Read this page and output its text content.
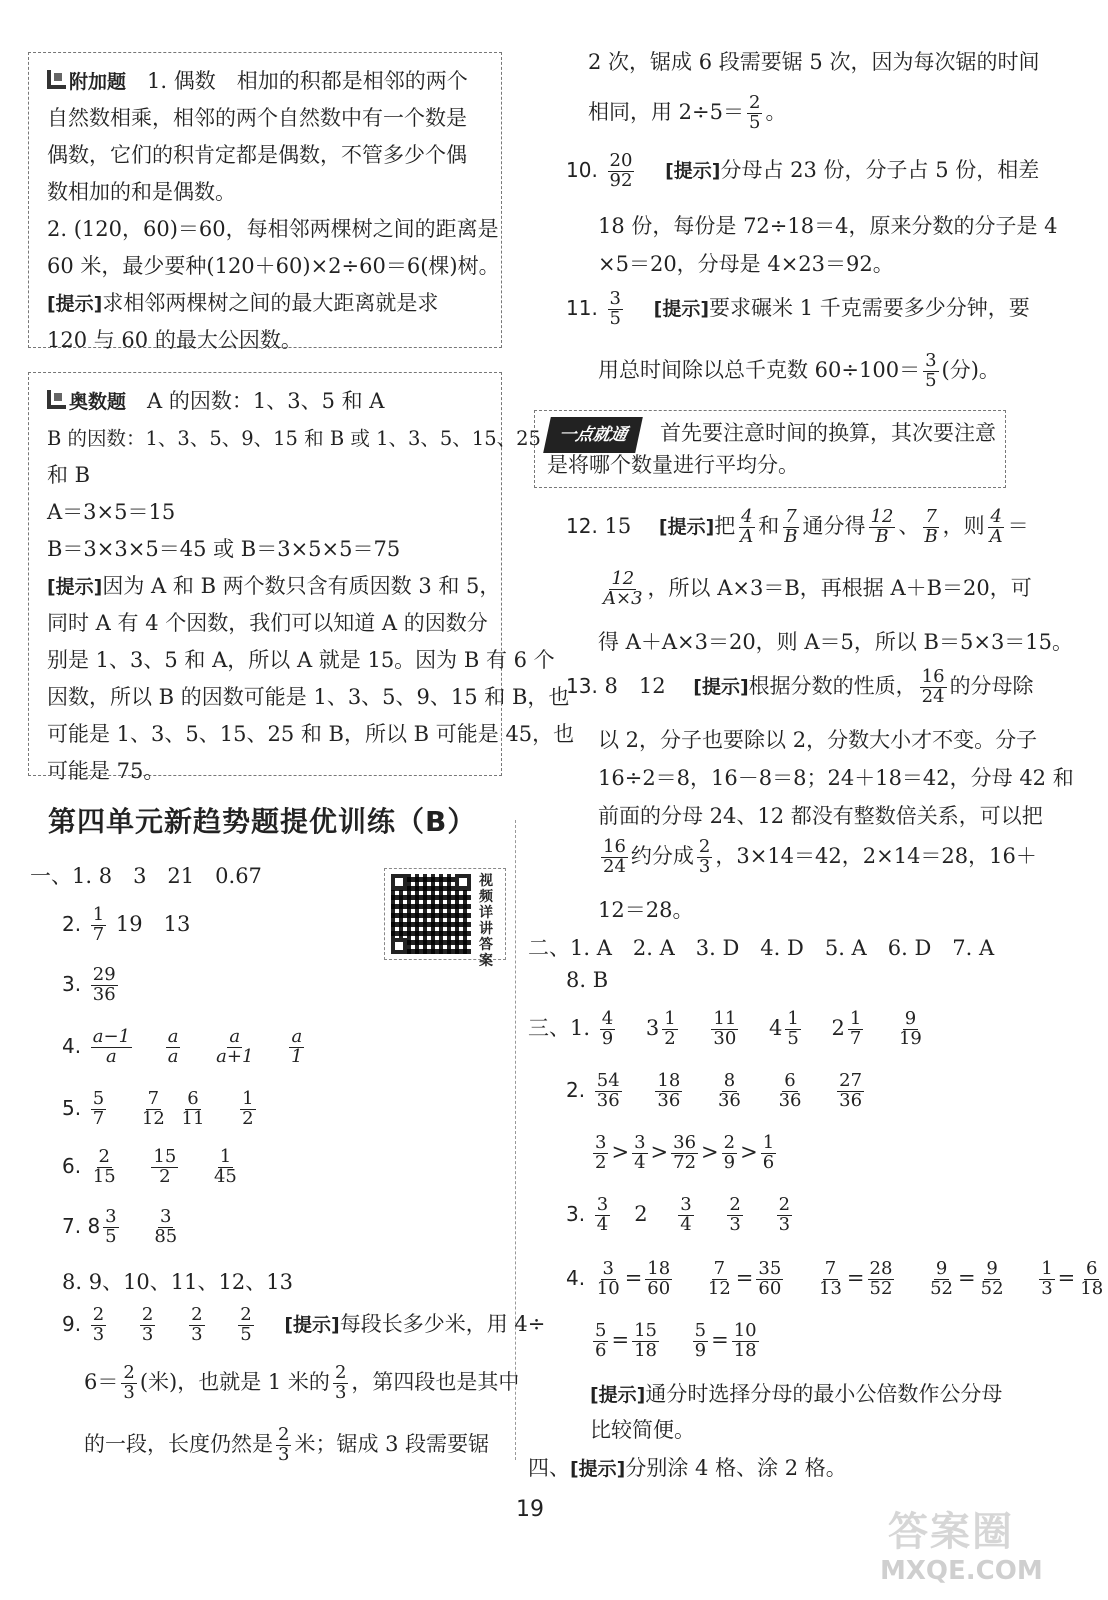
附加题　 1. 偶数　相加的积都是相邻的两个
自然数相乘，相邻的两个自然数中有一个数是
偶数，它们的积肯定都是偶数，不管多少个偶
数相加的和是偶数。
2. (120，60)＝60，每相邻两棵树之间的距离是
60 米，最少要种(120＋60)×2÷60＝6(棵)树。
[提示]求相邻两棵树之间的最大距离就是求
120 与 60 的最大公因数。
奥数题　 A 的因数：1、3、5 和 A
B 的因数：1、3、5、9、15 和 B 或 1、3、5、15、25
和 B
A＝3×5＝15
B＝3×3×5＝45 或 B＝3×5×5＝75
[提示]因为 A 和 B 两个数只含有质因数 3 和 5，
同时 A 有 4 个因数，我们可以知道 A 的因数分
别是 1、3、5 和 A，所以 A 就是 15。因为 B 有 6 个
因数，所以 B 的因数可能是 1、3、5、9、15 和 B，也
可能是 1、3、5、15、25 和 B，所以 B 可能是 45，也
可能是 75。
第四单元新趋势题提优训练（B）
视频详讲答案
一、1. 8　3　21　0.67
2. $\frac{1}{7} 19$　13
3. $\frac{29}{36}$
4. $\frac{a-1}{a}$
　 $\frac{a}{a}$
　 $\frac{a}{a+1}$
　 $\frac{a}{1}$
5. $\frac{5}{7}$
　 $\frac{7}{12}$
$\frac{6}{11}$
　 $\frac{1}{2}$
6. $\frac{2}{15}$
　 $\frac{15}{2}$
　 $\frac{1}{45}$
7. $8 \frac{3}{5}$
　 $\frac{3}{85}$
8. 9、10、11、12、13
9. $\frac{2}{3}$
　 $\frac{2}{3}$
　 $\frac{2}{3}$
　 $\frac{2}{5}$
　 [提示]每段长多少米，用 4÷
$6= \frac{2}{3}$ (米)，也就是 1 米的 $\frac{2}{3}$ ，第四段也是其中
的一段，长度仍然是 $\frac{2}{3}$ 米；锯成 3 段需要锯
2 次，锯成 6 段需要锯 5 次，因为每次锯的时间
相同，用 $2\div 5= \frac{2}{5}$ 。
10. $\frac{20}{92}$
　 [提示]分母占 23 份，分子占 5 份，相差
18 份，每份是 72÷18＝4，原来分数的分子是 4
×5＝20，分母是 4×23＝92。
11. $\frac{3}{5}$
　 [提示]要求碾米 1 千克需要多少分钟，要
用总时间除以总千克数 $60\div 100= \frac{3}{5}$ (分)。
一点就通　 首先要注意时间的换算，其次要注意
是将哪个数量进行平均分。
12. 15　 [提示]把 $\frac{4}{A}$ 和 $\frac{7}{B}$ 通分得 $\frac{12}{B}$ 、 $\frac{7}{B}$ ，则 $\frac{4}{A}$ ＝
$\frac{12}{A\times 3}$ ，所以 A×3＝B，再根据 A＋B＝20，可
得 A＋A×3＝20，则 A＝5，所以 B＝5×3＝15。
13. 8　12　 [提示]根据分数的性质， $\frac{16}{24}$ 的分母除
以 2，分子也要除以 2，分数大小才不变。分子
16÷2＝8，16－8＝8；24＋18＝42，分母 42 和
前面的分母 24、12 都没有整数倍关系，可以把
$\frac{16}{24}$ 约分成 $\frac{2}{3}$ ，3×14＝42，2×14＝28，16＋
12＝28。
二、1. A　2. A　3. D　4. D　5. A　6. D　7. A
8. B
三、1. $\frac{4}{9}$ 　 $3 \frac{1}{2}$
　 $\frac{11}{30}$ 　 $4 \frac{1}{5}$ 　 $2 \frac{1}{7}$
　 $\frac{9}{19}$
2. $\frac{54}{36}$
　 $\frac{18}{36}$
　 $\frac{8}{36}$
　 $\frac{6}{36}$
　 $\frac{27}{36}$
$\frac{3}{2} > \frac{3}{4} > \frac{36}{72} > \frac{2}{9} > \frac{1}{6}$
3. $\frac{3}{4}$ 　2　 $\frac{3}{4}$
　 $\frac{2}{3}$
　 $\frac{2}{3}$
4. $\frac{3}{10} = \frac{18}{60}$
　 $\frac{7}{12} = \frac{35}{60}$
　 $\frac{7}{13} = \frac{28}{52}$
　 $\frac{9}{52} = \frac{9}{52}$
　 $\frac{1}{3} = \frac{6}{18}$
$\frac{5}{6} = \frac{15}{18}$
　 $\frac{5}{9} = \frac{10}{18}$
[提示]通分时选择分母的最小公倍数作公分母
比较简便。
四、[提示]分别涂 4 格、涂 2 格。
19	答案圈
MXQE.COM
